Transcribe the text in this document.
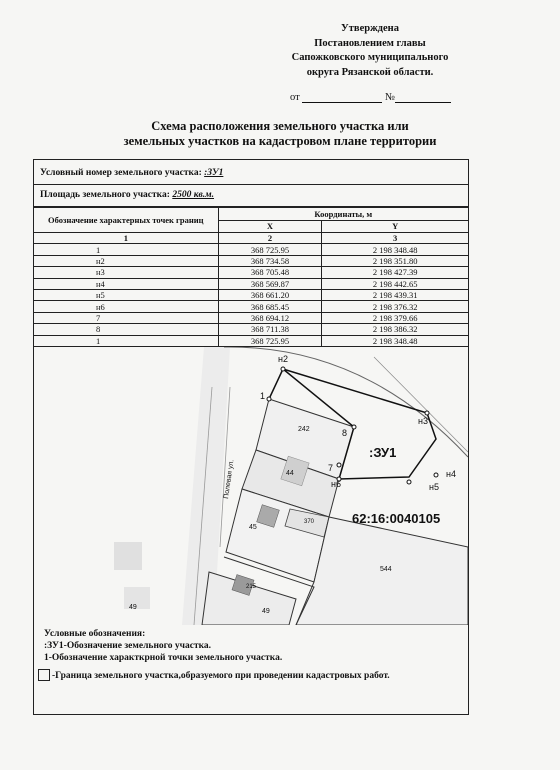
Утверждена
Постановлением главы
Сапожковского муниципального
округа Рязанской области.
от	№
Схема расположения земельного участка или
земельных участков на кадастровом плане территории
Условный номер земельного участка: :ЗУ1
Площадь земельного участка: 2500 кв.м.
Обозначение характерных точек границ	Координаты, м	
	X	Y
1	2	3
1	368 725.95	2 198 348.48
н2	368 734.58	2 198 351.80
н3	368 705.48	2 198 427.39
н4	368 569.87	2 198 442.65
н5	368 661.20	2 198 439.31
н6	368 685.45	2 198 376.32
7	368 694.12	2 198 379.66
8	368 711.38	2 198 386.32
1	368 725.95	2 198 348.48
н2
1
н3
8
7
н4
н6	н5
:ЗУ1
62:16:0040105
242
44
45
544
49
49
370
215
Полевая ул.
Условные обозначения:
:ЗУ1-Обозначение земельного участка.
1-Обозначение характкрной точки земельного участка.
-Граница земельного участка,образуемого при проведении кадастровых работ.
